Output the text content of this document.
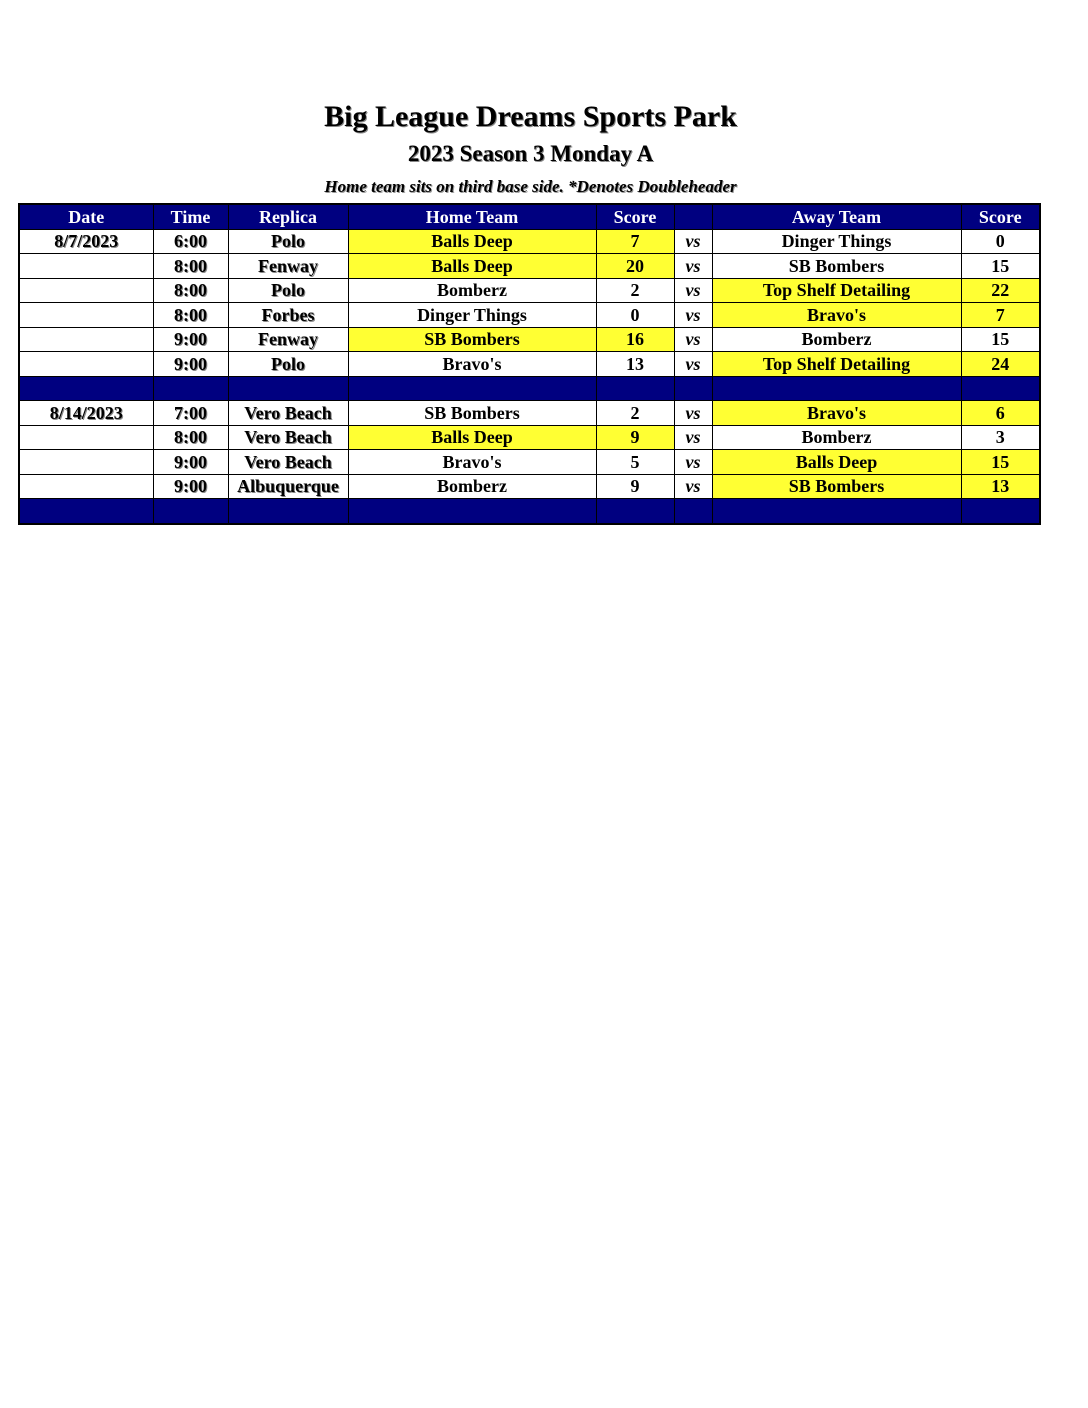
Big League Dreams Sports Park
2023 Season 3 Monday A
Home team sits on third base side. *Denotes Doubleheader
Date	Time	Replica	Home Team	Score		Away Team	Score
8/7/2023	6:00	Polo	Balls Deep	7	vs	Dinger Things	0
	8:00	Fenway	Balls Deep	20	vs	SB Bombers	15
	8:00	Polo	Bomberz	2	vs	Top Shelf Detailing	22
	8:00	Forbes	Dinger Things	0	vs	Bravo's	7
	9:00	Fenway	SB Bombers	16	vs	Bomberz	15
	9:00	Polo	Bravo's	13	vs	Top Shelf Detailing	24

8/14/2023	7:00	Vero Beach	SB Bombers	2	vs	Bravo's	6
	8:00	Vero Beach	Balls Deep	9	vs	Bomberz	3
	9:00	Vero Beach	Bravo's	5	vs	Balls Deep	15
	9:00	Albuquerque	Bomberz	9	vs	SB Bombers	13
